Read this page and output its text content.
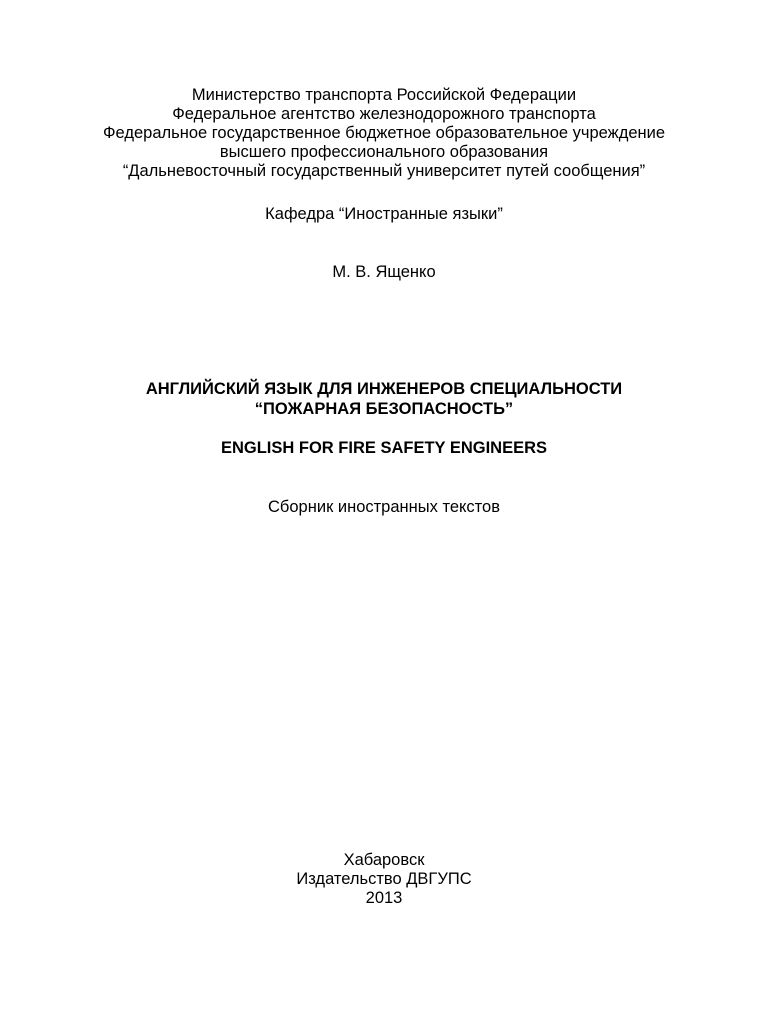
Министерство транспорта Российской Федерации
Федеральное агентство железнодорожного транспорта
Федеральное государственное бюджетное образовательное учреждение
высшего профессионального образования
“Дальневосточный государственный университет путей сообщения”
Кафедра “Иностранные языки”
М. В. Ященко
АНГЛИЙСКИЙ ЯЗЫК ДЛЯ ИНЖЕНЕРОВ СПЕЦИАЛЬНОСТИ
“ПОЖАРНАЯ БЕЗОПАСНОСТЬ”
ENGLISH FOR FIRE SAFETY ENGINEERS
Сборник иностранных текстов
Хабаровск
Издательство ДВГУПС
2013
